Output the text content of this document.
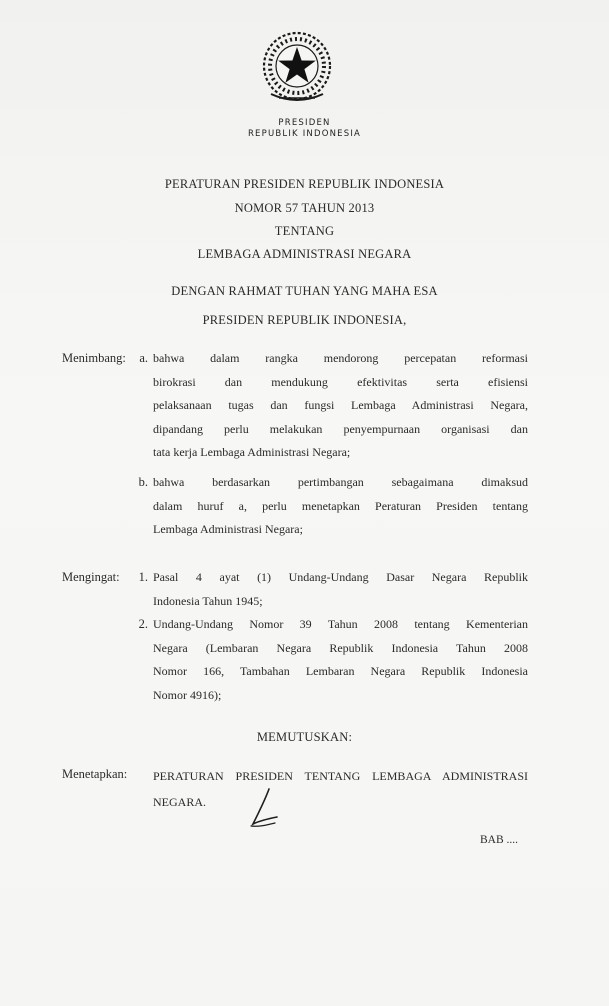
PRESIDEN
REPUBLIK INDONESIA
PERATURAN PRESIDEN REPUBLIK INDONESIA
NOMOR 57 TAHUN 2013
TENTANG
LEMBAGA ADMINISTRASI NEGARA
DENGAN RAHMAT TUHAN YANG MAHA ESA
PRESIDEN REPUBLIK INDONESIA,
Menimbang:	a. bahwa dalam rangka mendorong percepatan reformasi
birokrasi dan mendukung efektivitas serta efisiensi
pelaksanaan tugas dan fungsi Lembaga Administrasi Negara,
dipandang perlu melakukan penyempurnaan organisasi dan
tata kerja Lembaga Administrasi Negara;
b. bahwa berdasarkan pertimbangan sebagaimana dimaksud
dalam huruf a, perlu menetapkan Peraturan Presiden tentang
Lembaga Administrasi Negara;
Mengingat:	1. Pasal 4 ayat (1) Undang-Undang Dasar Negara Republik
Indonesia Tahun 1945;
2. Undang-Undang Nomor 39 Tahun 2008 tentang Kementerian
Negara (Lembaran Negara Republik Indonesia Tahun 2008
Nomor 166, Tambahan Lembaran Negara Republik Indonesia
Nomor 4916);
MEMUTUSKAN:
Menetapkan: PERATURAN PRESIDEN TENTANG LEMBAGA ADMINISTRASI
NEGARA.
BAB ....
